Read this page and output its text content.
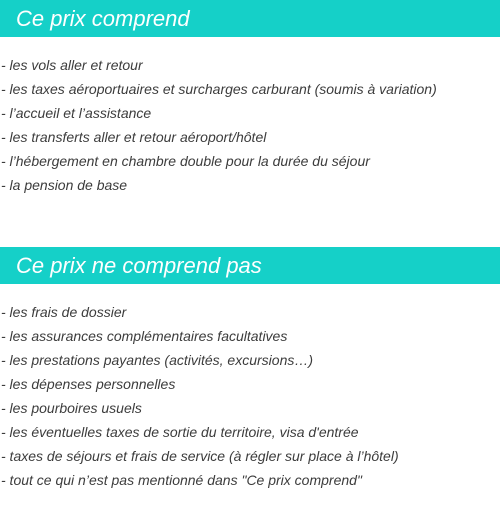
Ce prix comprend
- les vols aller et retour
- les taxes aéroportuaires et surcharges carburant (soumis à variation)
- l’accueil et l’assistance
- les transferts aller et retour aéroport/hôtel
- l’hébergement en chambre double pour la durée du séjour
- la pension de base
Ce prix ne comprend pas
- les frais de dossier
- les assurances complémentaires facultatives
- les prestations payantes (activités, excursions…)
- les dépenses personnelles
- les pourboires usuels
- les éventuelles taxes de sortie du territoire, visa d'entrée
- taxes de séjours et frais de service (à régler sur place à l’hôtel)
- tout ce qui n’est pas mentionné dans "Ce prix comprend"
